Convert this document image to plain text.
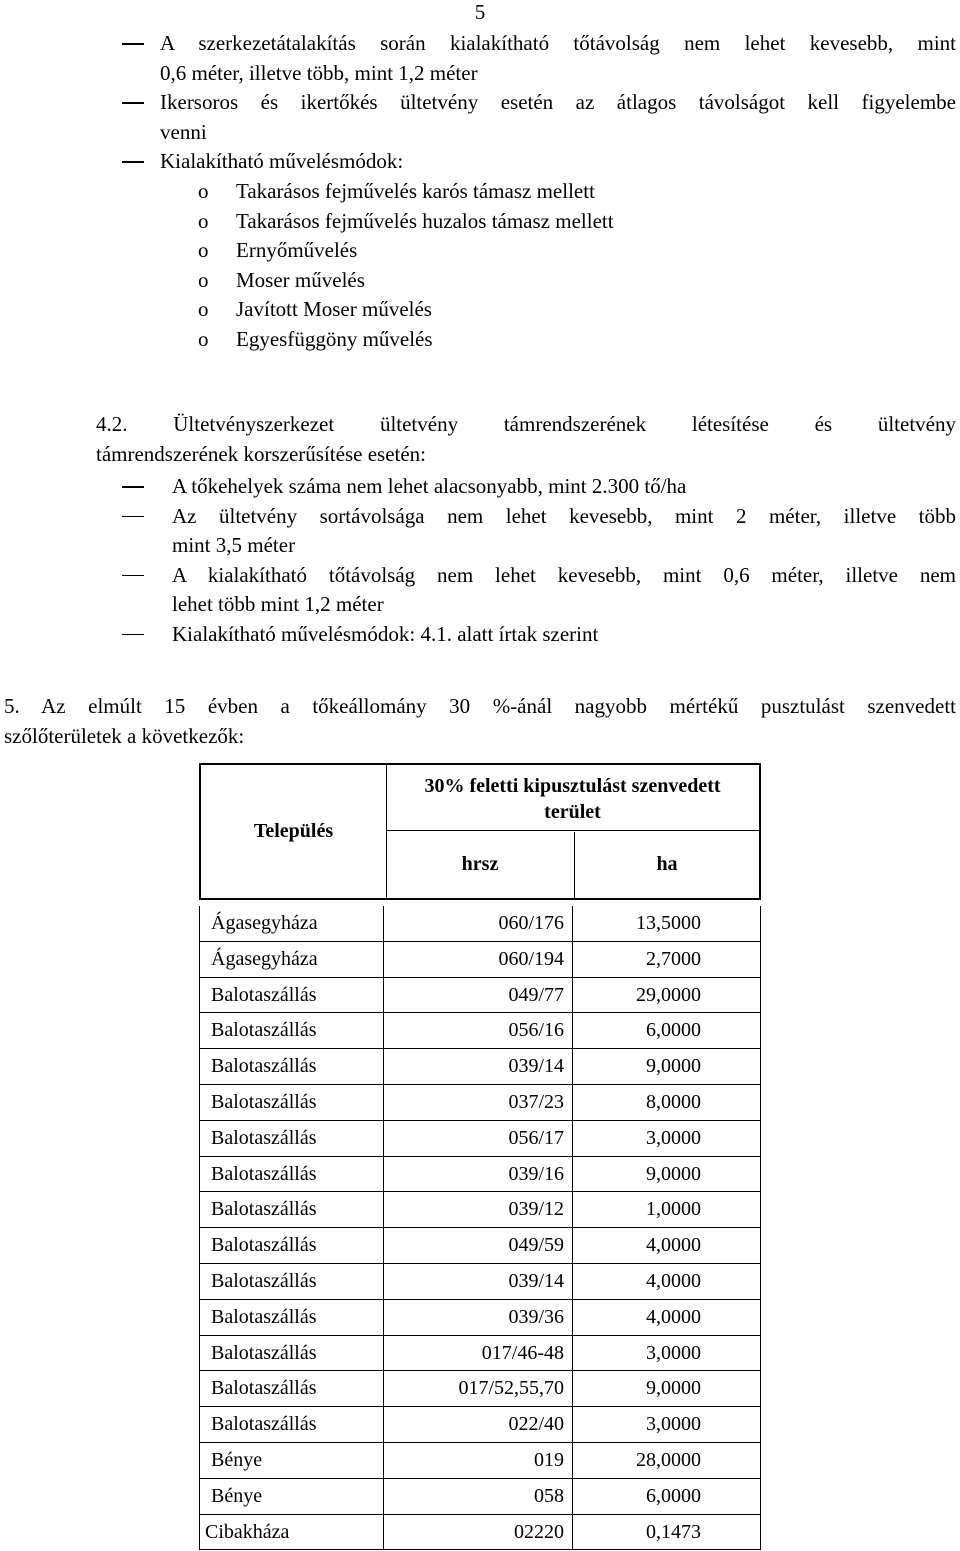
5
A szerkezetátalakítás során kialakítható tőtávolság nem lehet kevesebb, mint
0,6 méter, illetve több, mint 1,2 méter
Ikersoros és ikertőkés ültetvény esetén az átlagos távolságot kell figyelembe
venni
Kialakítható művelésmódok:
o Takarásos fejművelés karós támasz mellett
o Takarásos fejművelés huzalos támasz mellett
o Ernyőművelés
o Moser művelés
o Javított Moser művelés
o Egyesfüggöny művelés
4.2. Ültetvényszerkezet ültetvény támrendszerének létesítése és ültetvény
támrendszerének korszerűsítése esetén:
A tőkehelyek száma nem lehet alacsonyabb, mint 2.300 tő/ha
Az ültetvény sortávolsága nem lehet kevesebb, mint 2 méter, illetve több
mint 3,5 méter
A kialakítható tőtávolság nem lehet kevesebb, mint 0,6 méter, illetve nem
lehet több mint 1,2 méter
Kialakítható művelésmódok: 4.1. alatt írtak szerint
5. Az elmúlt 15 évben a tőkeállomány 30 %-ánál nagyobb mértékű pusztulást szenvedett
szőlőterületek a következők:
Település
30% feletti kipusztulást szenvedett
terület
hrsz	ha
Ágasegyháza	060/176	13,5000
Ágasegyháza	060/194	2,7000
Balotaszállás	049/77	29,0000
Balotaszállás	056/16	6,0000
Balotaszállás	039/14	9,0000
Balotaszállás	037/23	8,0000
Balotaszállás	056/17	3,0000
Balotaszállás	039/16	9,0000
Balotaszállás	039/12	1,0000
Balotaszállás	049/59	4,0000
Balotaszállás	039/14	4,0000
Balotaszállás	039/36	4,0000
Balotaszállás	017/46-48	3,0000
Balotaszállás	017/52,55,70	9,0000
Balotaszállás	022/40	3,0000
Bénye	019	28,0000
Bénye	058	6,0000
Cibakháza	02220	0,1473
